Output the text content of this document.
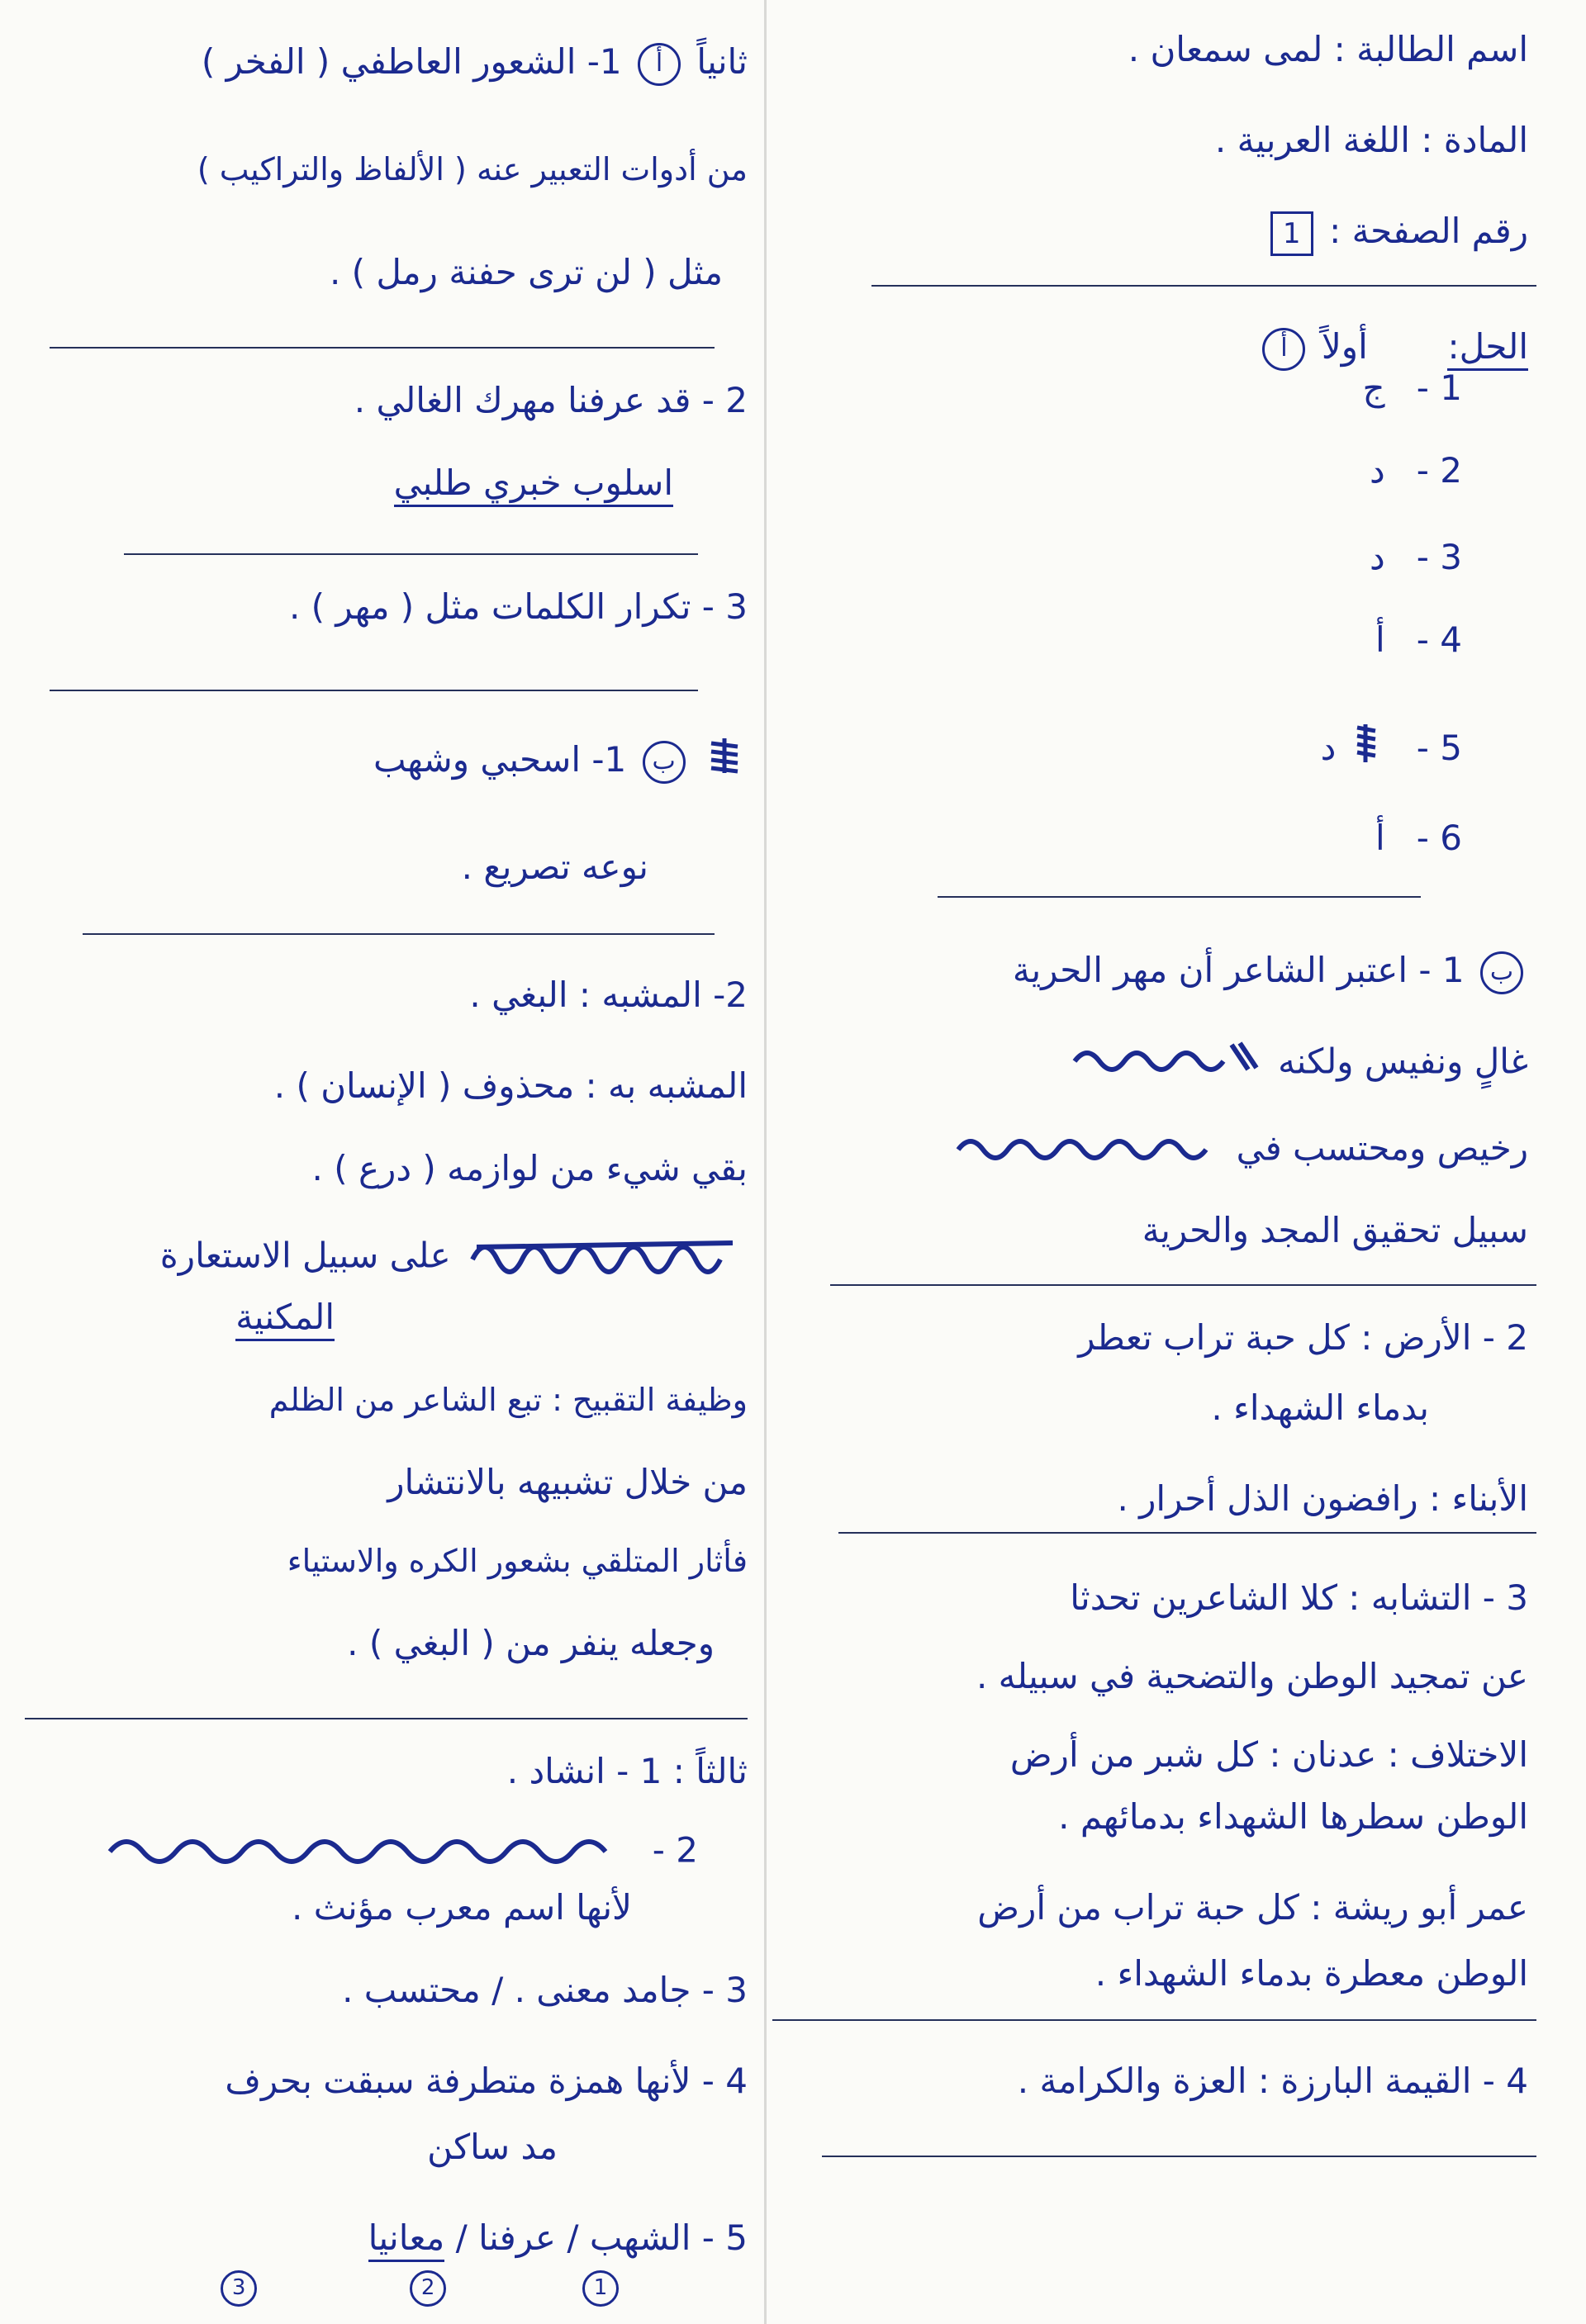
اسم الطالبة : لمى سمعان .
المادة : اللغة العربية .
رقم الصفحة : 1
الحل:  أولاً أ
1 - ج
2 - د
3 - د
4 - أ
5 -  د
6 - أ
ب 1 - اعتبر الشاعر أن مهر الحرية
غالٍ ونفيس ولكنه
رخيص ومحتسب في
سبيل تحقيق المجد والحرية
2 - الأرض : كل حبة تراب تعطر
بدماء الشهداء .
الأبناء : رافضون الذل أحرار .
3 - التشابه : كلا الشاعرين تحدثا
عن تمجيد الوطن والتضحية في سبيله .
الاختلاف : عدنان : كل شبر من أرض
الوطن سطرها الشهداء بدمائهم .
عمر أبو ريشة : كل حبة تراب من أرض
الوطن معطرة بدماء الشهداء .
4 - القيمة البارزة : العزة والكرامة .
ثانياً أ 1- الشعور العاطفي ( الفخر )
من أدوات التعبير عنه ( الألفاظ والتراكيب )
مثل ( لن ترى حفنة رمل ) .
2 - قد عرفنا مهرك الغالي .
اسلوب خبري طلبي
3 - تكرار الكلمات مثل ( مهر ) .
ب 1- اسحبي وشهب
نوعه تصريع .
2- المشبه : البغي .
المشبه به : محذوف ( الإنسان ) .
بقي شيء من لوازمه ( درع ) .
على سبيل الاستعارة
المكنية
وظيفة التقبيح : تبع الشاعر من الظلم
من خلال تشبيهه بالانتشار
فأثار المتلقي بشعور الكره والاستياء
وجعله ينفر من ( البغي ) .
ثالثاً : 1 - انشاد .
2 -
لأنها اسم معرب مؤنث .
3 - جامد معنى . / محتسب .
4 - لأنها همزة متطرفة سبقت بحرف
مد ساكن
5 - الشهب / عرفنا / معانيا
1 2 3
